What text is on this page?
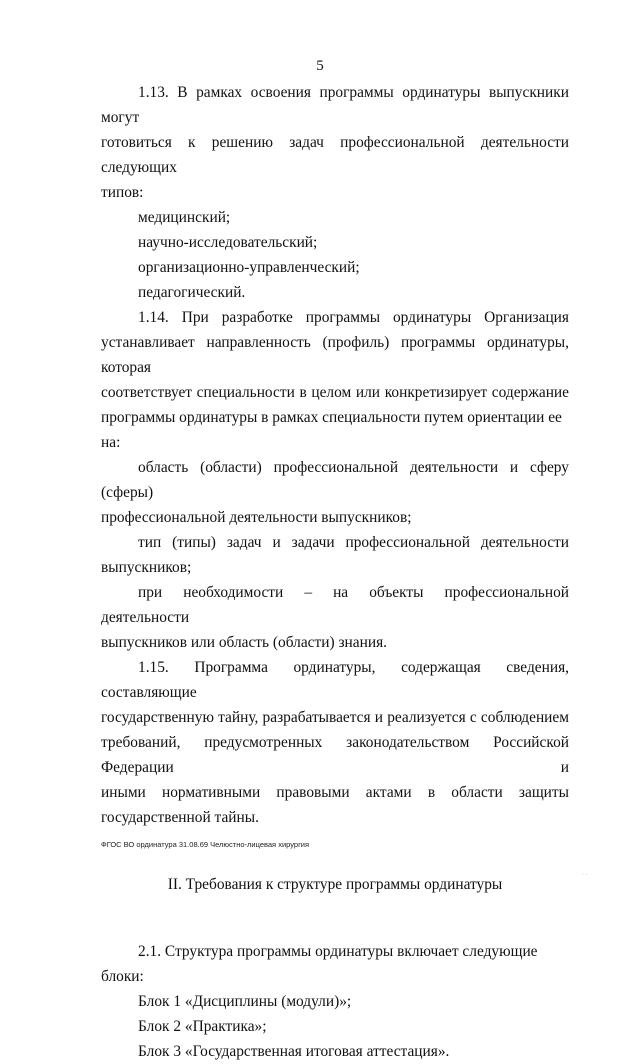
5

1.13. В рамках освоения программы ординатуры выпускники могут

готовиться к решению задач профессиональной деятельности следующих

типов:

медицинский;

научно-исследовательский;

организационно-управленческий;

педагогический.

1.14. При разработке программы ординатуры Организация

устанавливает направленность (профиль) программы ординатуры, которая

соответствует специальности в целом или конкретизирует содержание

программы ординатуры в рамках специальности путем ориентации ее на:

область (области) профессиональной деятельности и сферу (сферы)

профессиональной деятельности выпускников;

тип (типы) задач и задачи профессиональной деятельности

выпускников;

при необходимости – на объекты профессиональной деятельности

выпускников или область (области) знания.

1.15. Программа ординатуры, содержащая сведения, составляющие

государственную тайну, разрабатывается и реализуется с соблюдением

требований, предусмотренных законодательством Российской Федерации и

иными нормативными правовыми актами в области защиты

государственной тайны.

II. Требования к структуре программы ординатуры

2.1. Структура программы ординатуры включает следующие блоки:

Блок 1 «Дисциплины (модули)»;

Блок 2 «Практика»;

Блок 3 «Государственная итоговая аттестация».

ФГОС ВО ординатура 31.08.69 Челюстно-лицевая хирургия
· ·
